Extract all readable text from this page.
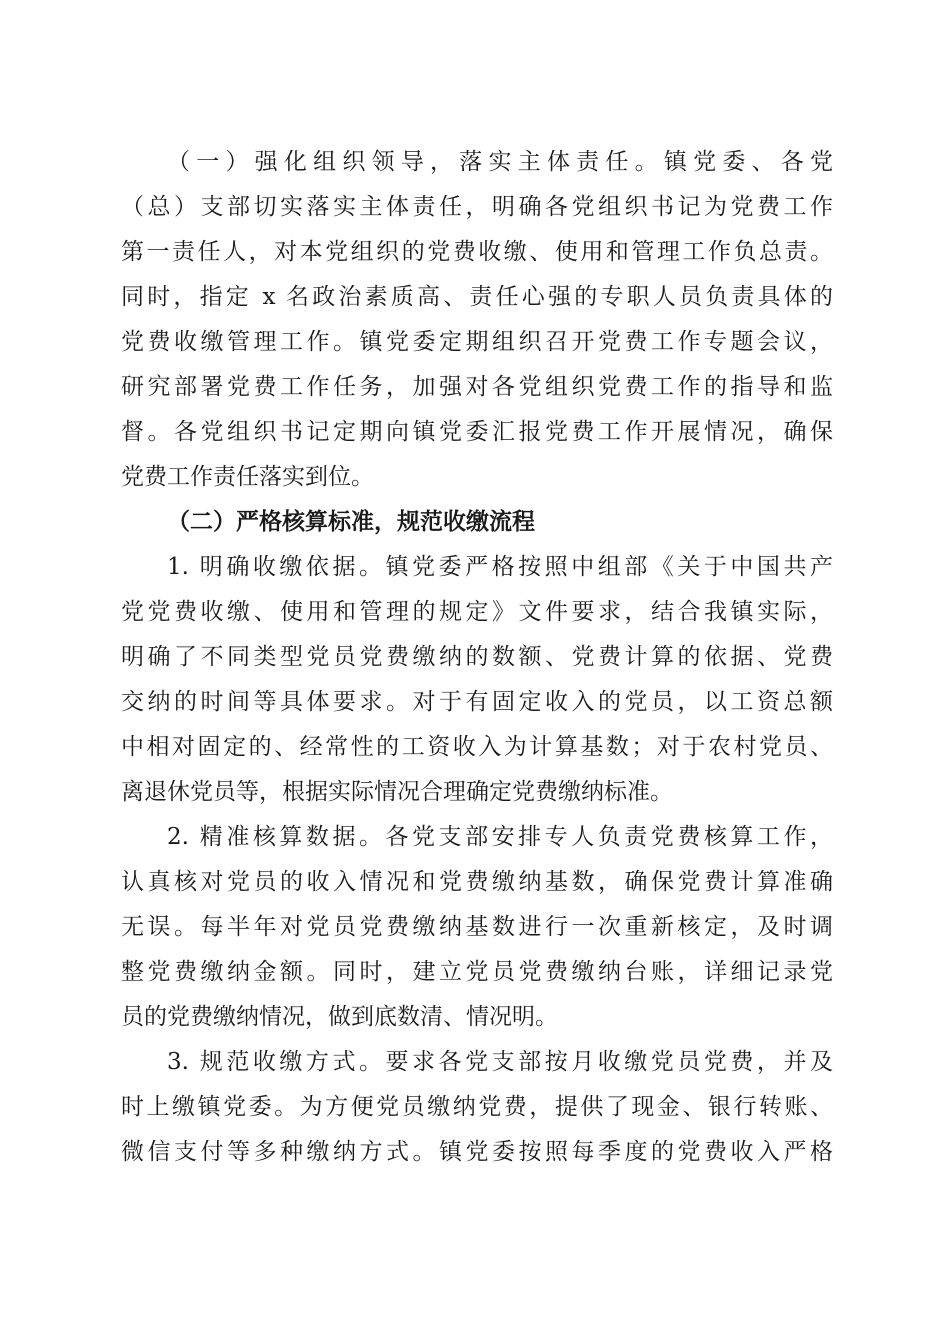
（一）强化组织领导，落实主体责任。镇党委、各党
（总）支部切实落实主体责任，明确各党组织书记为党费工作
第一责任人，对本党组织的党费收缴、使用和管理工作负总责。
同时，指定 x 名政治素质高、责任心强的专职人员负责具体的
党费收缴管理工作。镇党委定期组织召开党费工作专题会议，
研究部署党费工作任务，加强对各党组织党费工作的指导和监
督。各党组织书记定期向镇党委汇报党费工作开展情况，确保
党费工作责任落实到位。
（二）严格核算标准，规范收缴流程
1. 明确收缴依据。镇党委严格按照中组部《关于中国共产
党党费收缴、使用和管理的规定》文件要求，结合我镇实际，
明确了不同类型党员党费缴纳的数额、党费计算的依据、党费
交纳的时间等具体要求。对于有固定收入的党员，以工资总额
中相对固定的、经常性的工资收入为计算基数；对于农村党员、
离退休党员等，根据实际情况合理确定党费缴纳标准。
2. 精准核算数据。各党支部安排专人负责党费核算工作，
认真核对党员的收入情况和党费缴纳基数，确保党费计算准确
无误。每半年对党员党费缴纳基数进行一次重新核定，及时调
整党费缴纳金额。同时，建立党员党费缴纳台账，详细记录党
员的党费缴纳情况，做到底数清、情况明。
3. 规范收缴方式。要求各党支部按月收缴党员党费，并及
时上缴镇党委。为方便党员缴纳党费，提供了现金、银行转账、
微信支付等多种缴纳方式。镇党委按照每季度的党费收入严格
